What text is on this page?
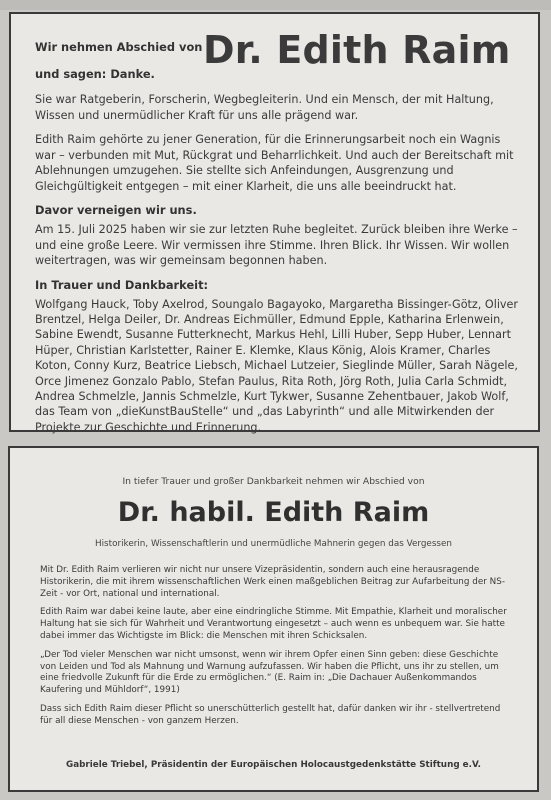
Wir nehmen Abschied von Dr. Edith Raim
und sagen: Danke.

Sie war Ratgeberin, Forscherin, Wegbegleiterin. Und ein Mensch, der mit Haltung, Wissen und unermüdlicher Kraft für uns alle prägend war.

Edith Raim gehörte zu jener Generation, für die Erinnerungsarbeit noch ein Wagnis war – verbunden mit Mut, Rückgrat und Beharrlichkeit. Und auch der Bereitschaft mit Ablehnungen umzugehen. Sie stellte sich Anfeindungen, Ausgrenzung und Gleichgültigkeit entgegen – mit einer Klarheit, die uns alle beeindruckt hat.

Davor verneigen wir uns.

Am 15. Juli 2025 haben wir sie zur letzten Ruhe begleitet. Zurück bleiben ihre Werke – und eine große Leere. Wir vermissen ihre Stimme. Ihren Blick. Ihr Wissen. Wir wollen weitertragen, was wir gemeinsam begonnen haben.

In Trauer und Dankbarkeit:

Wolfgang Hauck, Toby Axelrod, Soungalo Bagayoko, Margaretha Bissinger-Götz, Oliver Brentzel, Helga Deiler, Dr. Andreas Eichmüller, Edmund Epple, Katharina Erlenwein, Sabine Ewendt, Susanne Futterknecht, Markus Hehl, Lilli Huber, Sepp Huber, Lennart Hüper, Christian Karlstetter, Rainer E. Klemke, Klaus König, Alois Kramer, Charles Koton, Conny Kurz, Beatrice Liebsch, Michael Lutzeier, Sieglinde Müller, Sarah Nägele, Orce Jimenez Gonzalo Pablo, Stefan Paulus, Rita Roth, Jörg Roth, Julia Carla Schmidt, Andrea Schmelzle, Jannis Schmelzle, Kurt Tykwer, Susanne Zehentbauer, Jakob Wolf, das Team von „dieKunstBauStelle“ und „das Labyrinth“ und alle Mitwirkenden der Projekte zur Geschichte und Erinnerung.

In tiefer Trauer und großer Dankbarkeit nehmen wir Abschied von
Dr. habil. Edith Raim
Historikerin, Wissenschaftlerin und unermüdliche Mahnerin gegen das Vergessen

Mit Dr. Edith Raim verlieren wir nicht nur unsere Vizepräsidentin, sondern auch eine herausragende Historikerin, die mit ihrem wissenschaftlichen Werk einen maßgeblichen Beitrag zur Aufarbeitung der NS-Zeit - vor Ort, national und international.

Edith Raim war dabei keine laute, aber eine eindringliche Stimme. Mit Empathie, Klarheit und moralischer Haltung hat sie sich für Wahrheit und Verantwortung eingesetzt – auch wenn es unbequem war. Sie hatte dabei immer das Wichtigste im Blick: die Menschen mit ihren Schicksalen.

„Der Tod vieler Menschen war nicht umsonst, wenn wir ihrem Opfer einen Sinn geben: diese Geschichte von Leiden und Tod als Mahnung und Warnung aufzufassen. Wir haben die Pflicht, uns ihr zu stellen, um eine friedvolle Zukunft für die Erde zu ermöglichen.“ (E. Raim in: „Die Dachauer Außenkommandos Kaufering und Mühldorf“, 1991)

Dass sich Edith Raim dieser Pflicht so unerschütterlich gestellt hat, dafür danken wir ihr - stellvertretend für all diese Menschen - von ganzem Herzen.

Gabriele Triebel, Präsidentin der Europäischen Holocaustgedenkstätte Stiftung e.V.
